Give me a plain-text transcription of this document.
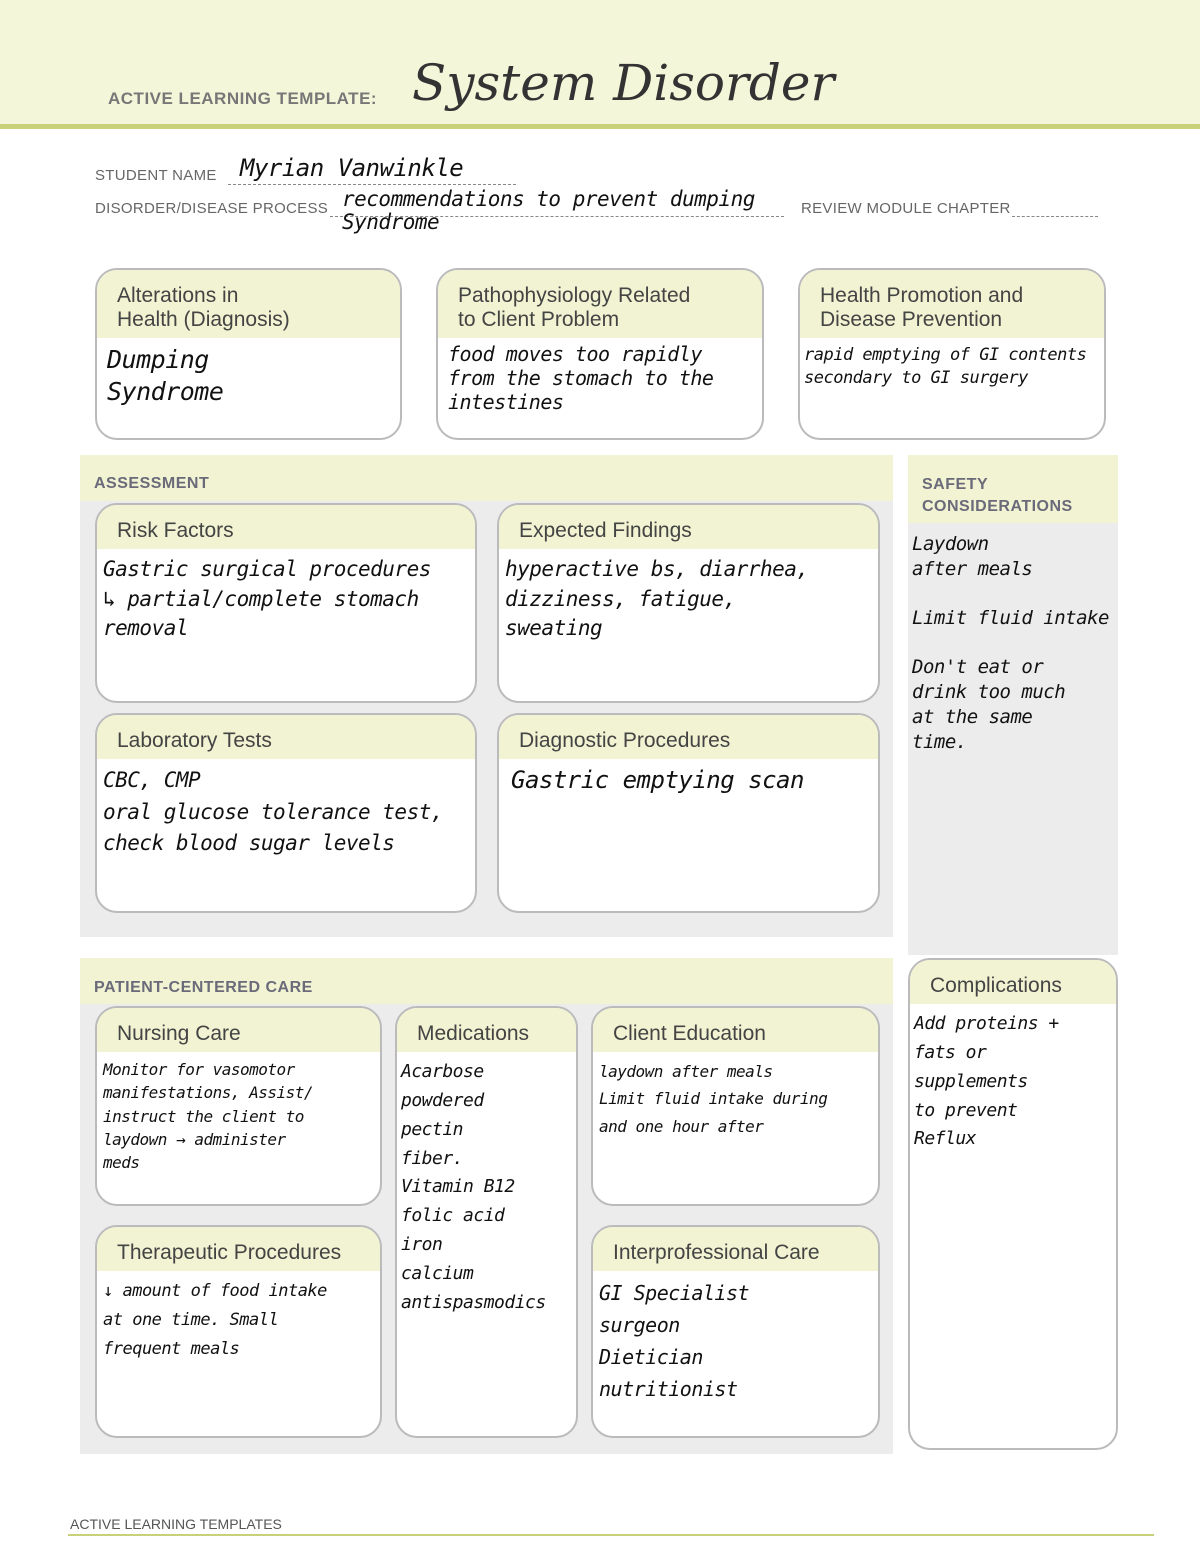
ACTIVE LEARNING TEMPLATE: System Disorder
STUDENT NAME Myrian Vanwinkle
DISORDER/DISEASE PROCESS recommendations to prevent dumping
Syndrome
REVIEW MODULE CHAPTER
Alterations in
Health (Diagnosis)
Dumping
Syndrome
Pathophysiology Related
to Client Problem
food moves too rapidly
from the stomach to the
intestines
Health Promotion and
Disease Prevention
rapid emptying of GI contents
secondary to GI surgery
ASSESSMENT
Risk Factors
Gastric surgical procedures
↳ partial/complete stomach
removal
Expected Findings
hyperactive bs, diarrhea,
dizziness, fatigue,
sweating
Laboratory Tests
CBC, CMP
oral glucose tolerance test,
check blood sugar levels
Diagnostic Procedures
Gastric emptying scan
SAFETY
CONSIDERATIONS
Laydown
after meals

Limit fluid intake

Don't eat or
drink too much
at the same
time.
PATIENT-CENTERED CARE
Nursing Care
Monitor for vasomotor
manifestations, Assist/
instruct the client to
laydown → administer
meds
Medications
Acarbose
powdered
pectin
fiber.
Vitamin B12
folic acid
iron
calcium
antispasmodics
Client Education
laydown after meals
Limit fluid intake during
and one hour after
Therapeutic Procedures
↓ amount of food intake
at one time. Small
frequent meals
Interprofessional Care
GI Specialist
surgeon
Dietician
nutritionist
Complications
Add proteins +
fats or supplements
to prevent
Reflux
ACTIVE LEARNING TEMPLATES
